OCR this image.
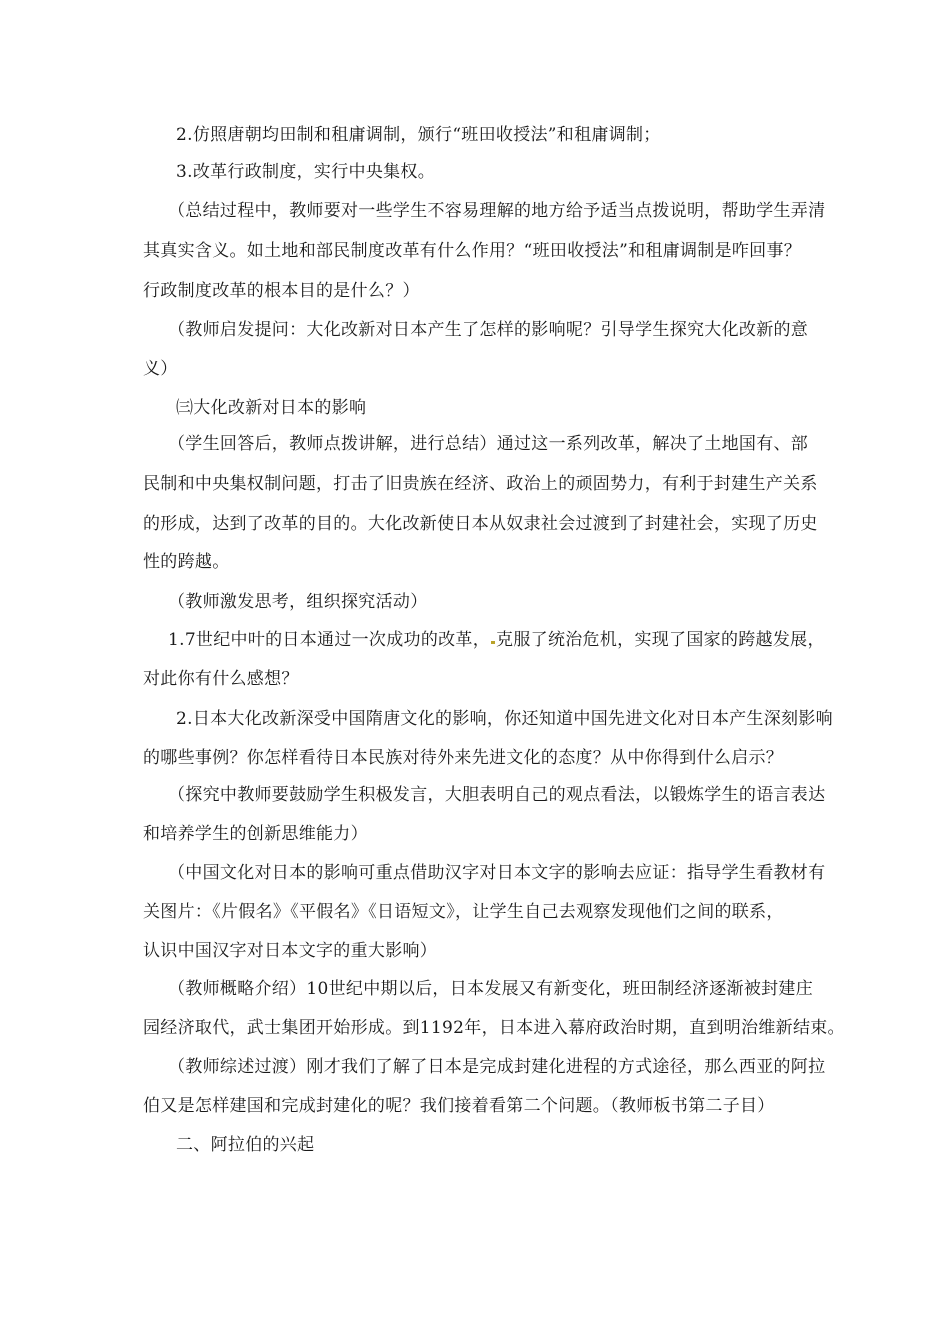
2.仿照唐朝均田制和租庸调制，颁行“班田收授法”和租庸调制；
3.改革行政制度，实行中央集权。
（总结过程中，教师要对一些学生不容易理解的地方给予适当点拨说明，帮助学生弄清
其真实含义。如土地和部民制度改革有什么作用？“班田收授法”和租庸调制是咋回事？
行政制度改革的根本目的是什么？）
（教师启发提问：大化改新对日本产生了怎样的影响呢？引导学生探究大化改新的意
义）
㈢大化改新对日本的影响
（学生回答后，教师点拨讲解，进行总结）通过这一系列改革，解决了土地国有、部
民制和中央集权制问题，打击了旧贵族在经济、政治上的顽固势力，有利于封建生产关系
的形成，达到了改革的目的。大化改新使日本从奴隶社会过渡到了封建社会，实现了历史
性的跨越。
（教师激发思考，组织探究活动）
1.7世纪中叶的日本通过一次成功的改革， 克服了统治危机，实现了国家的跨越发展，
对此你有什么感想？
2.日本大化改新深受中国隋唐文化的影响，你还知道中国先进文化对日本产生深刻影响
的哪些事例？你怎样看待日本民族对待外来先进文化的态度？从中你得到什么启示？
（探究中教师要鼓励学生积极发言，大胆表明自己的观点看法，以锻炼学生的语言表达
和培养学生的创新思维能力）
（中国文化对日本的影响可重点借助汉字对日本文字的影响去应证：指导学生看教材有
关图片：《片假名》《平假名》《日语短文》，让学生自己去观察发现他们之间的联系，
认识中国汉字对日本文字的重大影响）
（教师概略介绍）10世纪中期以后，日本发展又有新变化，班田制经济逐渐被封建庄
园经济取代，武士集团开始形成。到1192年，日本进入幕府政治时期，直到明治维新结束。
（教师综述过渡）刚才我们了解了日本是完成封建化进程的方式途径，那么西亚的阿拉
伯又是怎样建国和完成封建化的呢？我们接着看第二个问题。（教师板书第二子目）
二、阿拉伯的兴起
